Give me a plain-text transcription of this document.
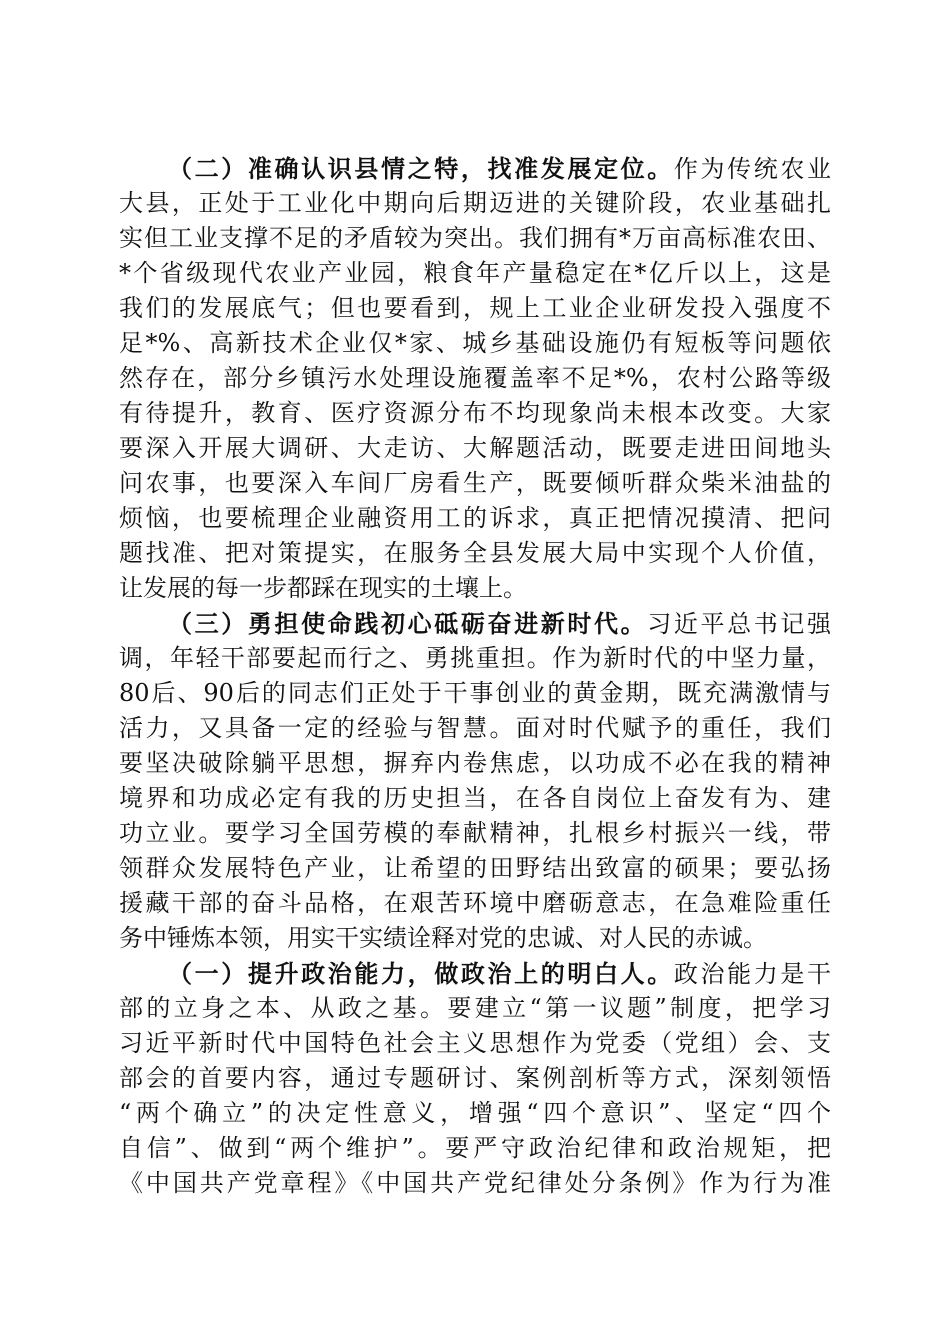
（二）准确认识县情之特，找准发展定位。作为传统农业
大县，正处于工业化中期向后期迈进的关键阶段，农业基础扎
实但工业支撑不足的矛盾较为突出。我们拥有*万亩高标准农田、
*个省级现代农业产业园，粮食年产量稳定在*亿斤以上，这是
我们的发展底气；但也要看到，规上工业企业研发投入强度不
足*%、高新技术企业仅*家、城乡基础设施仍有短板等问题依
然存在，部分乡镇污水处理设施覆盖率不足*%，农村公路等级
有待提升，教育、医疗资源分布不均现象尚未根本改变。大家
要深入开展大调研、大走访、大解题活动，既要走进田间地头
问农事，也要深入车间厂房看生产，既要倾听群众柴米油盐的
烦恼，也要梳理企业融资用工的诉求，真正把情况摸清、把问
题找准、把对策提实，在服务全县发展大局中实现个人价值，
让发展的每一步都踩在现实的土壤上。
（三）勇担使命践初心砥砺奋进新时代。习近平总书记强
调，年轻干部要起而行之、勇挑重担。作为新时代的中坚力量，
80后、90后的同志们正处于干事创业的黄金期，既充满激情与
活力，又具备一定的经验与智慧。面对时代赋予的重任，我们
要坚决破除躺平思想，摒弃内卷焦虑，以功成不必在我的精神
境界和功成必定有我的历史担当，在各自岗位上奋发有为、建
功立业。要学习全国劳模的奉献精神，扎根乡村振兴一线，带
领群众发展特色产业，让希望的田野结出致富的硕果；要弘扬
援藏干部的奋斗品格，在艰苦环境中磨砺意志，在急难险重任
务中锤炼本领，用实干实绩诠释对党的忠诚、对人民的赤诚。
（一）提升政治能力，做政治上的明白人。政治能力是干
部的立身之本、从政之基。要建立“第一议题”制度，把学习
习近平新时代中国特色社会主义思想作为党委（党组）会、支
部会的首要内容，通过专题研讨、案例剖析等方式，深刻领悟
“两个确立”的决定性意义，增强“四个意识”、坚定“四个
自信”、做到“两个维护”。要严守政治纪律和政治规矩，把
《中国共产党章程》《中国共产党纪律处分条例》作为行为准
